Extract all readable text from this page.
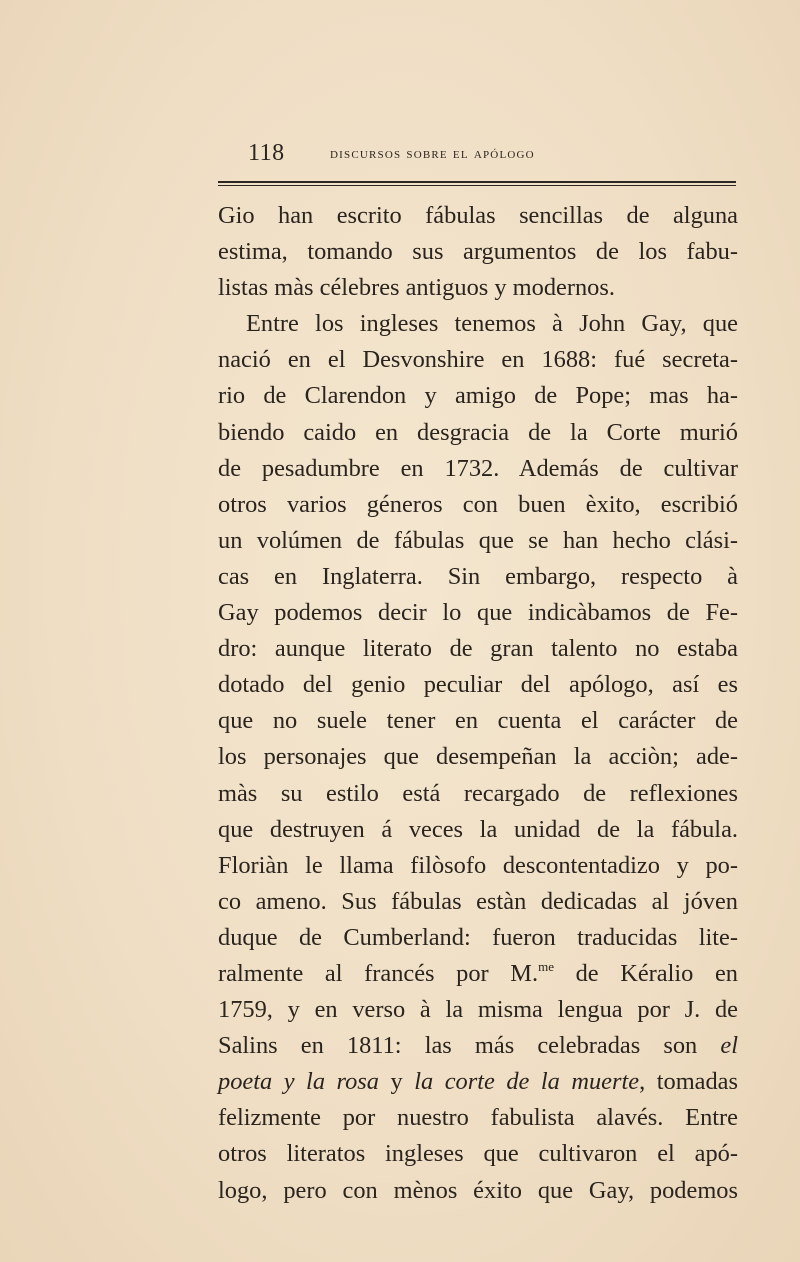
118	discursos sobre el apólogo
Gio han escrito fábulas sencillas de alguna
estima, tomando sus argumentos de los fabu-
listas màs célebres antiguos y modernos.
Entre los ingleses tenemos à John Gay, que
nació en el Desvonshire en 1688: fué secreta-
rio de Clarendon y amigo de Pope; mas ha-
biendo caido en desgracia de la Corte murió
de pesadumbre en 1732. Además de cultivar
otros varios géneros con buen èxito, escribió
un volúmen de fábulas que se han hecho clási-
cas en Inglaterra. Sin embargo, respecto à
Gay podemos decir lo que indicàbamos de Fe-
dro: aunque literato de gran talento no estaba
dotado del genio peculiar del apólogo, así es
que no suele tener en cuenta el carácter de
los personajes que desempeñan la acciòn; ade-
màs su estilo está recargado de reflexiones
que destruyen á veces la unidad de la fábula.
Floriàn le llama filòsofo descontentadizo y po-
co ameno. Sus fábulas estàn dedicadas al jóven
duque de Cumberland: fueron traducidas lite-
ralmente al francés por M.$^{me}$ de Kéralio en
1759, y en verso à la misma lengua por J. de
Salins en 1811: las más celebradas son el
poeta y la rosa y la corte de la muerte, tomadas
felizmente por nuestro fabulista alavés. Entre
otros literatos ingleses que cultivaron el apó-
logo, pero con mènos éxito que Gay, podemos
